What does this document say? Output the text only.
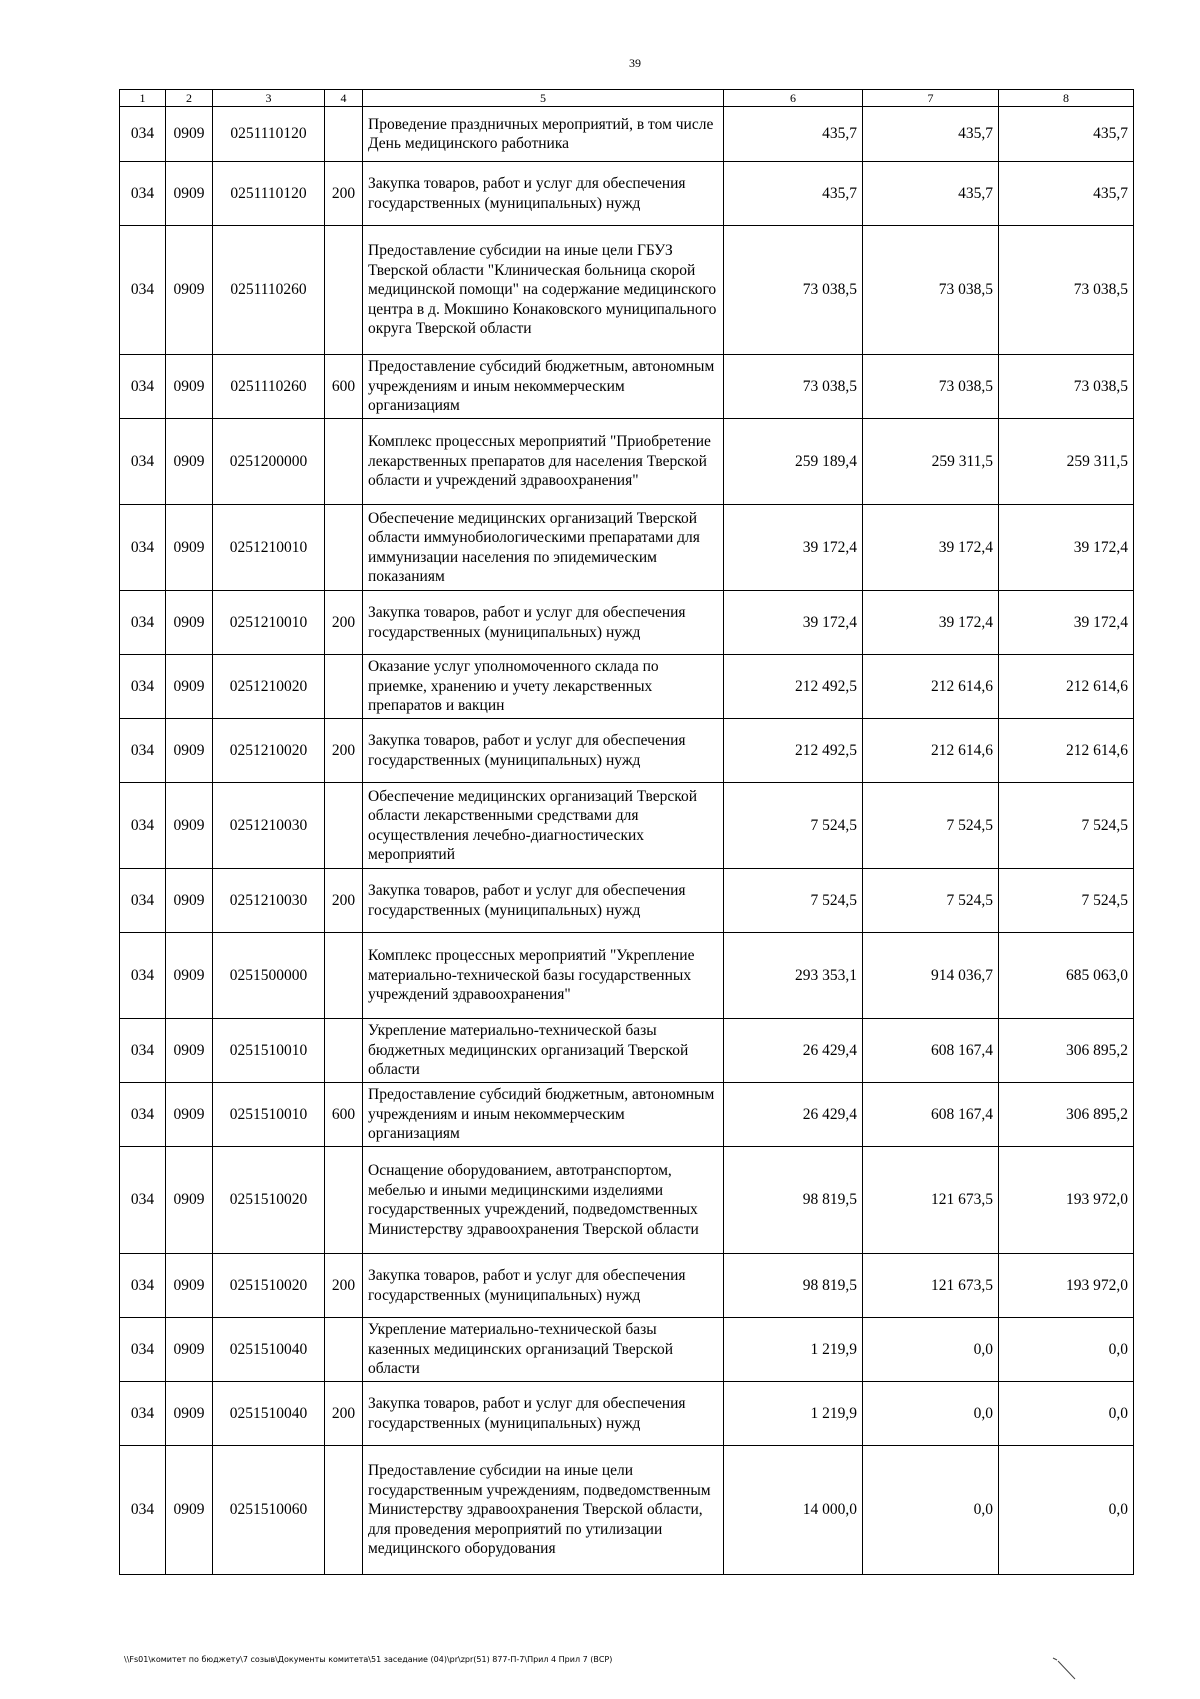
39
1	2	3	4	5	6	7	8
034	0909	0251110120		Проведение праздничных мероприятий, в том числе День медицинского работника	435,7	435,7	435,7
034	0909	0251110120	200	Закупка товаров, работ и услуг для обеспечения государственных (муниципальных) нужд	435,7	435,7	435,7
034	0909	0251110260		Предоставление субсидии на иные цели ГБУЗ Тверской области "Клиническая больница скорой медицинской помощи" на содержание медицинского центра в д. Мокшино Конаковского муниципального округа Тверской области	73 038,5	73 038,5	73 038,5
034	0909	0251110260	600	Предоставление субсидий бюджетным, автономным учреждениям и иным некоммерческим организациям	73 038,5	73 038,5	73 038,5
034	0909	0251200000		Комплекс процессных мероприятий "Приобретение лекарственных препаратов для населения Тверской области и учреждений здравоохранения"	259 189,4	259 311,5	259 311,5
034	0909	0251210010		Обеспечение медицинских организаций Тверской области иммунобиологическими препаратами для иммунизации населения по эпидемическим показаниям	39 172,4	39 172,4	39 172,4
034	0909	0251210010	200	Закупка товаров, работ и услуг для обеспечения государственных (муниципальных) нужд	39 172,4	39 172,4	39 172,4
034	0909	0251210020		Оказание услуг уполномоченного склада по приемке, хранению и учету лекарственных препаратов и вакцин	212 492,5	212 614,6	212 614,6
034	0909	0251210020	200	Закупка товаров, работ и услуг для обеспечения государственных (муниципальных) нужд	212 492,5	212 614,6	212 614,6
034	0909	0251210030		Обеспечение медицинских организаций Тверской области лекарственными средствами для осуществления лечебно-диагностических мероприятий	7 524,5	7 524,5	7 524,5
034	0909	0251210030	200	Закупка товаров, работ и услуг для обеспечения государственных (муниципальных) нужд	7 524,5	7 524,5	7 524,5
034	0909	0251500000		Комплекс процессных мероприятий "Укрепление материально-технической базы государственных учреждений здравоохранения"	293 353,1	914 036,7	685 063,0
034	0909	0251510010		Укрепление материально-технической базы бюджетных медицинских организаций Тверской области	26 429,4	608 167,4	306 895,2
034	0909	0251510010	600	Предоставление субсидий бюджетным, автономным учреждениям и иным некоммерческим организациям	26 429,4	608 167,4	306 895,2
034	0909	0251510020		Оснащение оборудованием, автотранспортом, мебелью и иными медицинскими изделиями государственных учреждений, подведомственных Министерству здравоохранения Тверской области	98 819,5	121 673,5	193 972,0
034	0909	0251510020	200	Закупка товаров, работ и услуг для обеспечения государственных (муниципальных) нужд	98 819,5	121 673,5	193 972,0
034	0909	0251510040		Укрепление материально-технической базы казенных медицинских организаций Тверской области	1 219,9	0,0	0,0
034	0909	0251510040	200	Закупка товаров, работ и услуг для обеспечения государственных (муниципальных) нужд	1 219,9	0,0	0,0
034	0909	0251510060		Предоставление субсидии на иные цели государственным учреждениям, подведомственным Министерству здравоохранения Тверской области, для проведения мероприятий по утилизации медицинского оборудования	14 000,0	0,0	0,0
\\Fs01\комитет по бюджету\7 созыв\Документы комитета\51 заседание (04)\pr\zpr(51) 877-П-7\Прил 4 Прил 7 (ВСР)
